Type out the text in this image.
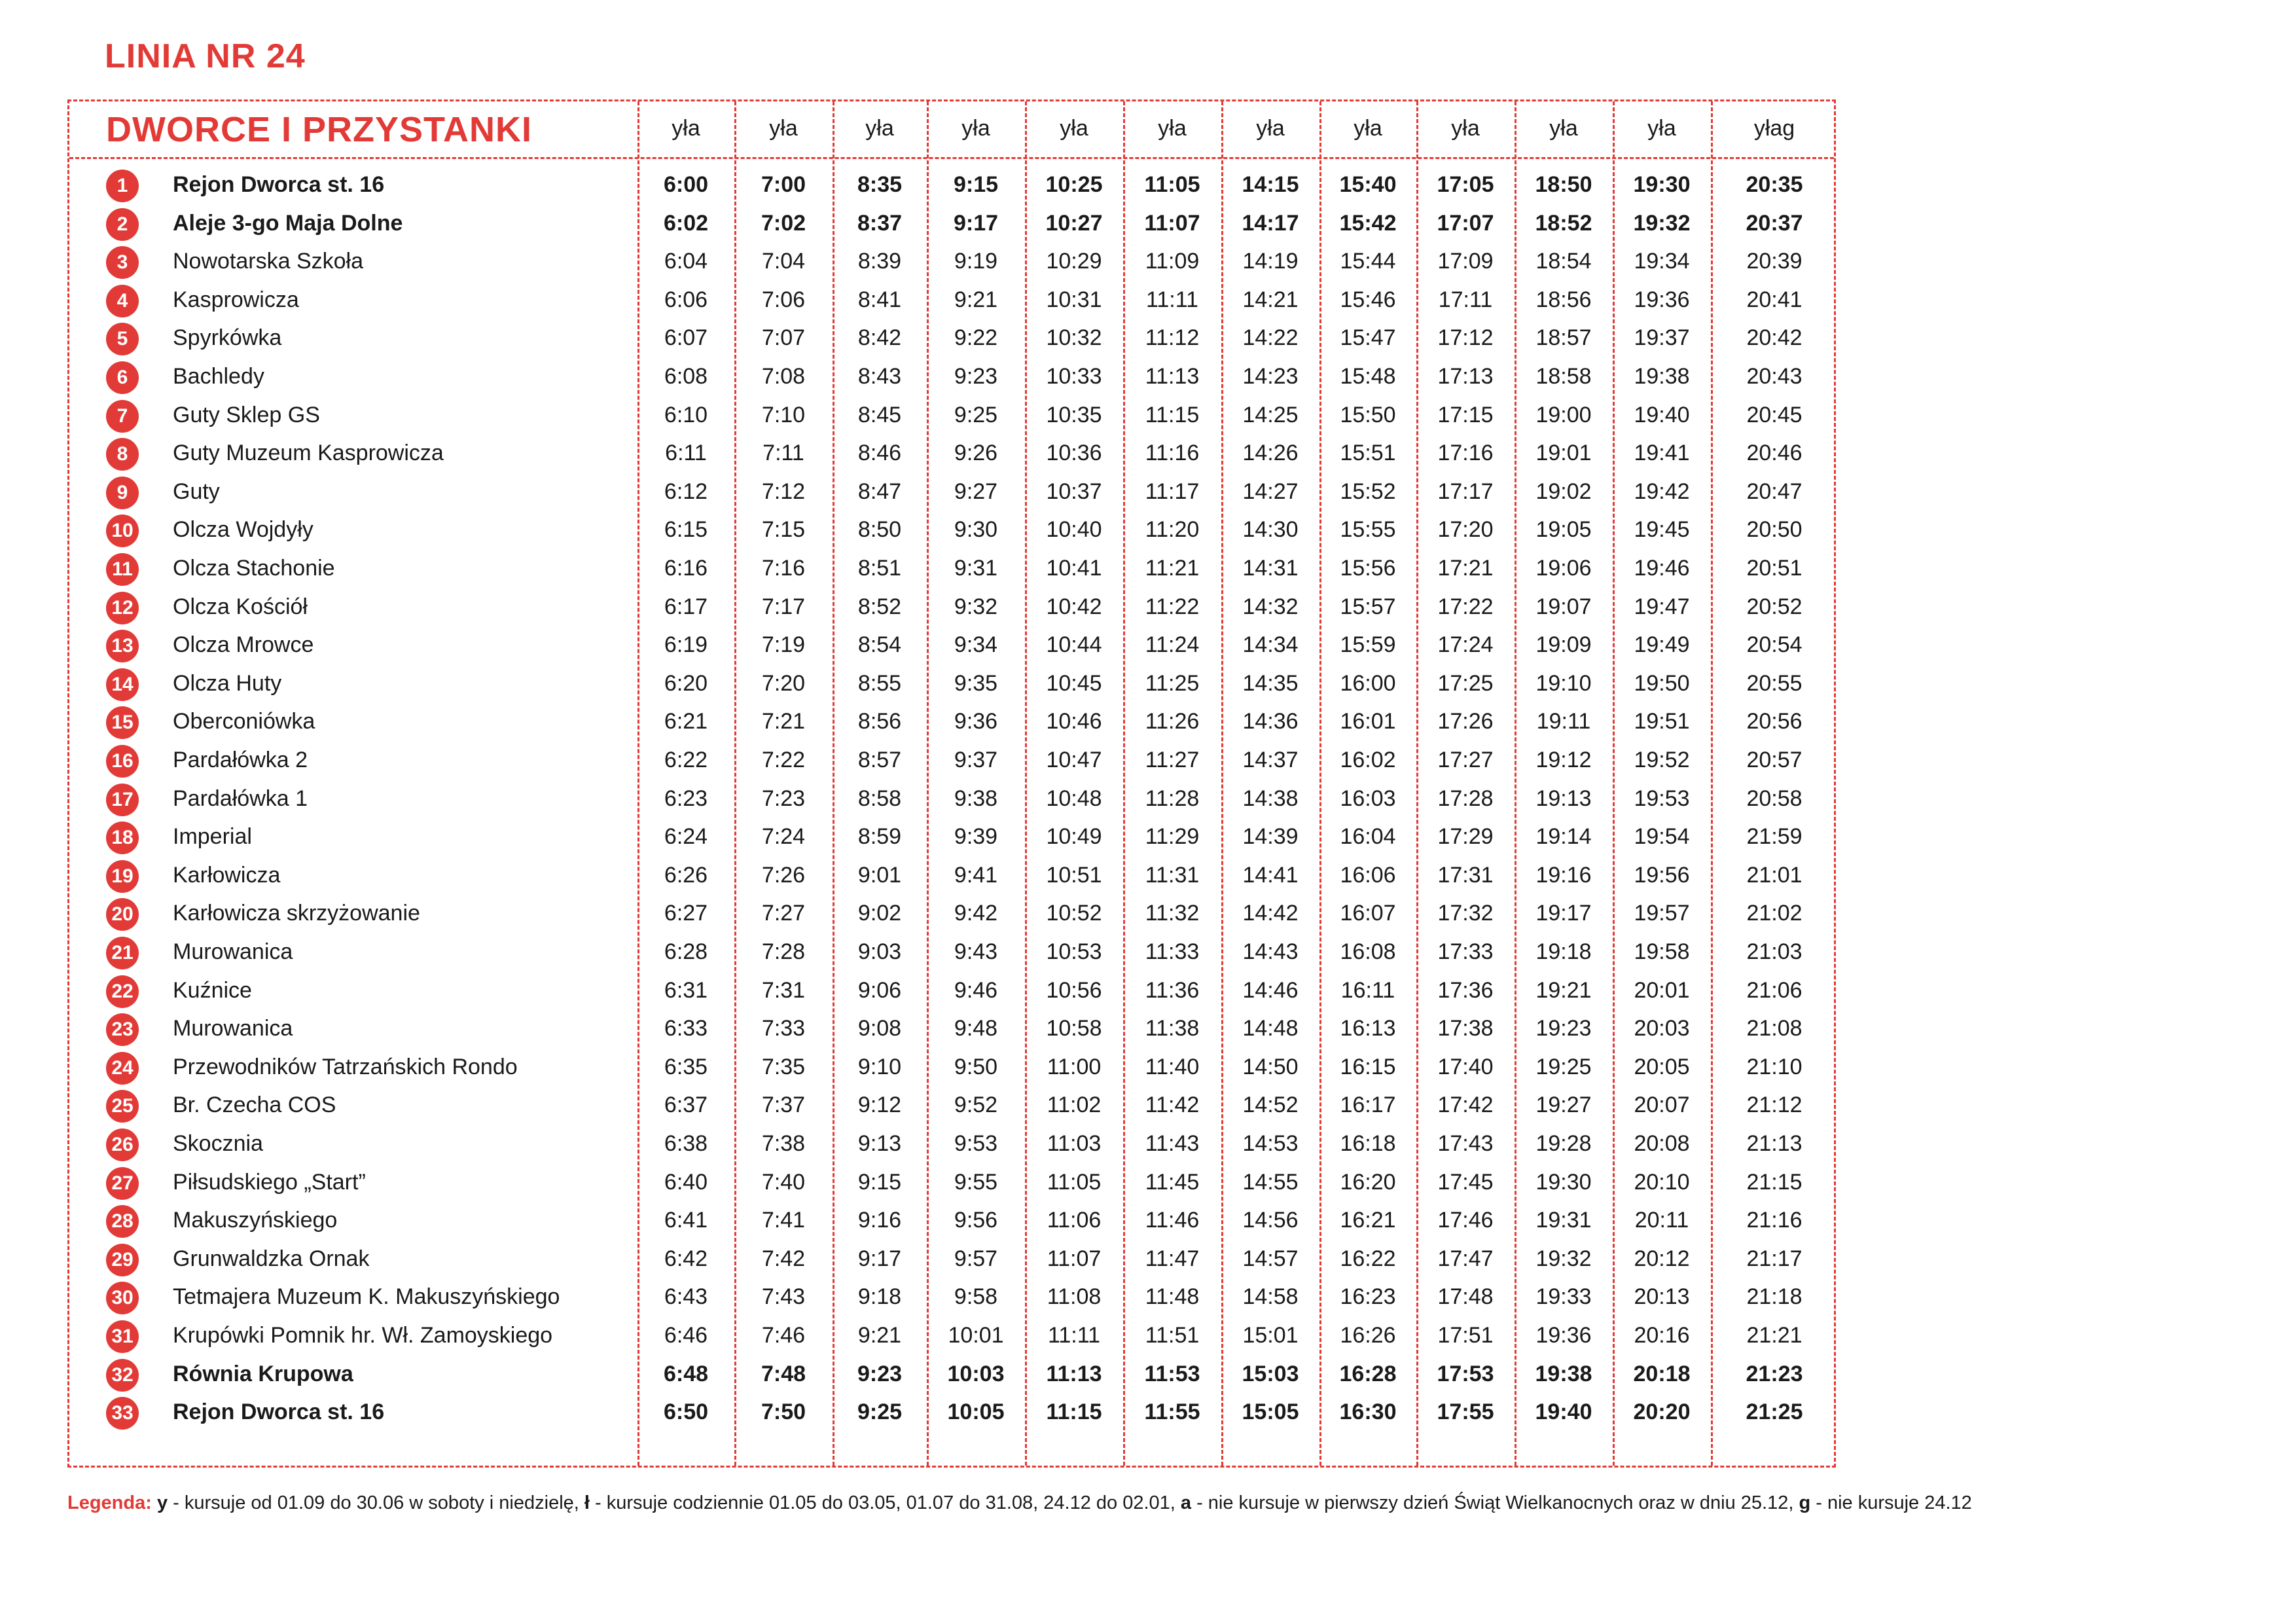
LINIA NR 24
DWORCE I PRZYSTANKI	yła	yła	yła	yła	yła	yła	yła	yła	yła	yła	yła	yłag
1	Rejon Dworca st. 16	6:00	7:00	8:35	9:15	10:25	11:05	14:15	15:40	17:05	18:50	19:30	20:35
2	Aleje 3-go Maja Dolne	6:02	7:02	8:37	9:17	10:27	11:07	14:17	15:42	17:07	18:52	19:32	20:37
3	Nowotarska Szkoła	6:04	7:04	8:39	9:19	10:29	11:09	14:19	15:44	17:09	18:54	19:34	20:39
4	Kasprowicza	6:06	7:06	8:41	9:21	10:31	11:11	14:21	15:46	17:11	18:56	19:36	20:41
5	Spyrkówka	6:07	7:07	8:42	9:22	10:32	11:12	14:22	15:47	17:12	18:57	19:37	20:42
6	Bachledy	6:08	7:08	8:43	9:23	10:33	11:13	14:23	15:48	17:13	18:58	19:38	20:43
7	Guty Sklep GS	6:10	7:10	8:45	9:25	10:35	11:15	14:25	15:50	17:15	19:00	19:40	20:45
8	Guty Muzeum Kasprowicza	6:11	7:11	8:46	9:26	10:36	11:16	14:26	15:51	17:16	19:01	19:41	20:46
9	Guty	6:12	7:12	8:47	9:27	10:37	11:17	14:27	15:52	17:17	19:02	19:42	20:47
10 Olcza Wojdyły	6:15	7:15	8:50	9:30	10:40	11:20	14:30	15:55	17:20	19:05	19:45	20:50
11 Olcza Stachonie	6:16	7:16	8:51	9:31	10:41	11:21	14:31	15:56	17:21	19:06	19:46	20:51
12 Olcza Kościół	6:17	7:17	8:52	9:32	10:42	11:22	14:32	15:57	17:22	19:07	19:47	20:52
13 Olcza Mrowce	6:19	7:19	8:54	9:34	10:44	11:24	14:34	15:59	17:24	19:09	19:49	20:54
14 Olcza Huty	6:20	7:20	8:55	9:35	10:45	11:25	14:35	16:00	17:25	19:10	19:50	20:55
15 Oberconiówka	6:21	7:21	8:56	9:36	10:46	11:26	14:36	16:01	17:26	19:11	19:51	20:56
16 Pardałówka 2	6:22	7:22	8:57	9:37	10:47	11:27	14:37	16:02	17:27	19:12	19:52	20:57
17 Pardałówka 1	6:23	7:23	8:58	9:38	10:48	11:28	14:38	16:03	17:28	19:13	19:53	20:58
18 Imperial	6:24	7:24	8:59	9:39	10:49	11:29	14:39	16:04	17:29	19:14	19:54	21:59
19 Karłowicza	6:26	7:26	9:01	9:41	10:51	11:31	14:41	16:06	17:31	19:16	19:56	21:01
20 Karłowicza skrzyżowanie	6:27	7:27	9:02	9:42	10:52	11:32	14:42	16:07	17:32	19:17	19:57	21:02
21 Murowanica	6:28	7:28	9:03	9:43	10:53	11:33	14:43	16:08	17:33	19:18	19:58	21:03
22 Kuźnice	6:31	7:31	9:06	9:46	10:56	11:36	14:46	16:11	17:36	19:21	20:01	21:06
23 Murowanica	6:33	7:33	9:08	9:48	10:58	11:38	14:48	16:13	17:38	19:23	20:03	21:08
24 Przewodników Tatrzańskich Rondo	6:35	7:35	9:10	9:50	11:00	11:40	14:50	16:15	17:40	19:25	20:05	21:10
25 Br. Czecha COS	6:37	7:37	9:12	9:52	11:02	11:42	14:52	16:17	17:42	19:27	20:07	21:12
26 Skocznia	6:38	7:38	9:13	9:53	11:03	11:43	14:53	16:18	17:43	19:28	20:08	21:13
27 Piłsudskiego „Start”	6:40	7:40	9:15	9:55	11:05	11:45	14:55	16:20	17:45	19:30	20:10	21:15
28 Makuszyńskiego	6:41	7:41	9:16	9:56	11:06	11:46	14:56	16:21	17:46	19:31	20:11	21:16
29 Grunwaldzka Ornak	6:42	7:42	9:17	9:57	11:07	11:47	14:57	16:22	17:47	19:32	20:12	21:17
30 Tetmajera Muzeum K. Makuszyńskiego	6:43	7:43	9:18	9:58	11:08	11:48	14:58	16:23	17:48	19:33	20:13	21:18
31 Krupówki Pomnik hr. Wł. Zamoyskiego	6:46	7:46	9:21	10:01	11:11	11:51	15:01	16:26	17:51	19:36	20:16	21:21
32 Równia Krupowa	6:48	7:48	9:23	10:03	11:13	11:53	15:03	16:28	17:53	19:38	20:18	21:23
33 Rejon Dworca st. 16	6:50	7:50	9:25	10:05	11:15	11:55	15:05	16:30	17:55	19:40	20:20	21:25
Legenda: y - kursuje od 01.09 do 30.06 w soboty i niedzielę, ł - kursuje codziennie 01.05 do 03.05, 01.07 do 31.08, 24.12 do 02.01, a - nie kursuje w pierwszy dzień Świąt Wielkanocnych oraz w dniu 25.12, g - nie kursuje 24.12
